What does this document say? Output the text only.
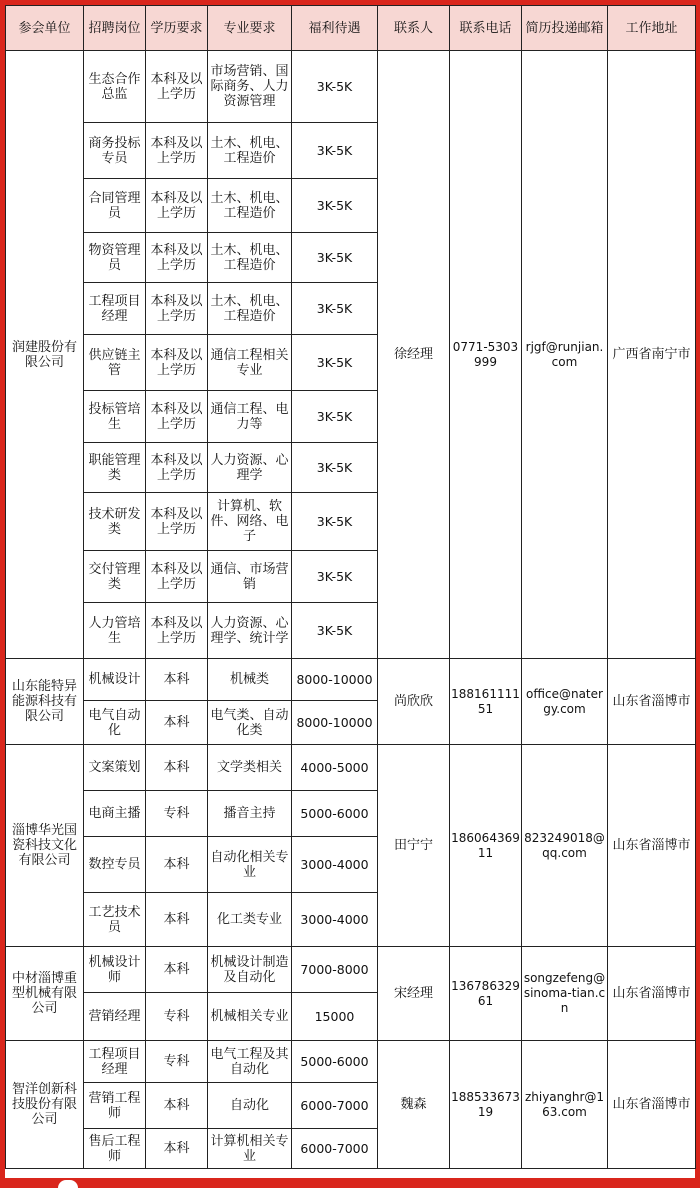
参会单位	招聘岗位	学历要求	专业要求	福利待遇	联系人	联系电话	简历投递邮箱	工作地址
润建股份有限公司	生态合作总监	本科及以上学历	市场营销、国际商务、人力资源管理	3K-5K	徐经理	0771-5303999	rjgf@runjian.com	广西省南宁市
	商务投标专员	本科及以上学历	土木、机电、工程造价	3K-5K				
	合同管理员	本科及以上学历	土木、机电、工程造价	3K-5K				
	物资管理员	本科及以上学历	土木、机电、工程造价	3K-5K				
	工程项目经理	本科及以上学历	土木、机电、工程造价	3K-5K				
	供应链主管	本科及以上学历	通信工程相关专业	3K-5K				
	投标管培生	本科及以上学历	通信工程、电力等	3K-5K				
	职能管理类	本科及以上学历	人力资源、心理学	3K-5K				
	技术研发类	本科及以上学历	计算机、软件、网络、电子	3K-5K				
	交付管理类	本科及以上学历	通信、市场营销	3K-5K				
	人力管培生	本科及以上学历	人力资源、心理学、统计学	3K-5K				
山东能特异能源科技有限公司	机械设计	本科	机械类	8000-10000	尚欣欣	18816111151	office@natergy.com	山东省淄博市
	电气自动化	本科	电气类、自动化类	8000-10000				
淄博华光国瓷科技文化有限公司	文案策划	本科	文学类相关	4000-5000	田宁宁	18606436911	823249018@qq.com	山东省淄博市
	电商主播	专科	播音主持	5000-6000				
	数控专员	本科	自动化相关专业	3000-4000				
	工艺技术员	本科	化工类专业	3000-4000				
中材淄博重型机械有限公司	机械设计师	本科	机械设计制造及自动化	7000-8000	宋经理	13678632961	songzefeng@sinoma-tian.cn	山东省淄博市
	营销经理	专科	机械相关专业	15000				
智洋创新科技股份有限公司	工程项目经理	专科	电气工程及其自动化	5000-6000	魏森	18853367319	zhiyanghr@163.com	山东省淄博市
	营销工程师	本科	自动化	6000-7000				
	售后工程师	本科	计算机相关专业	6000-7000				
